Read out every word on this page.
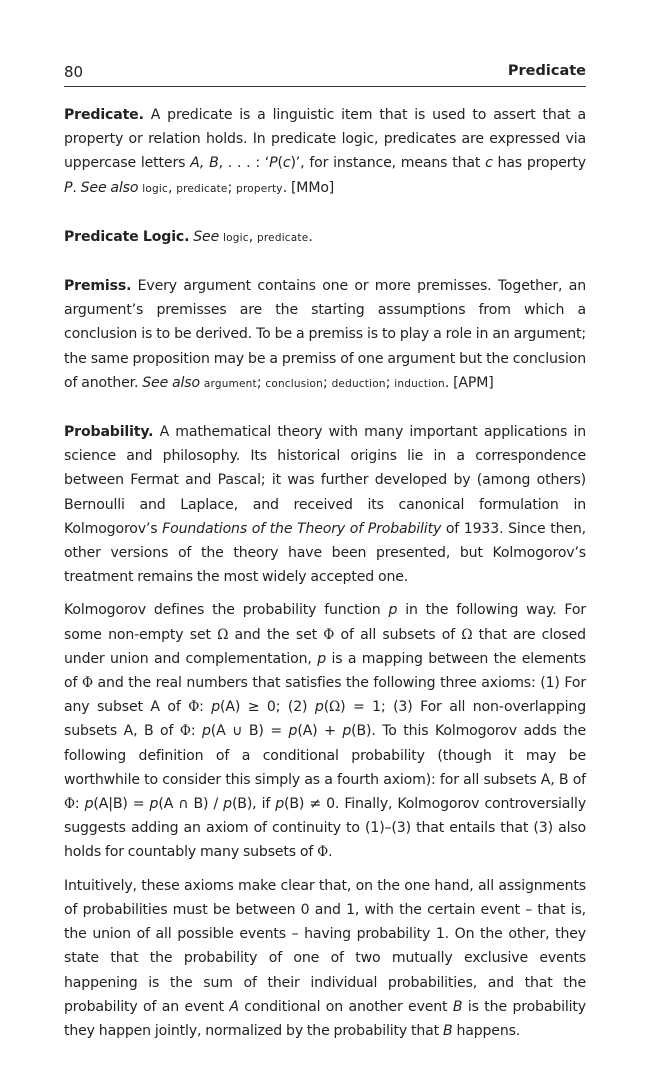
80	Predicate

Predicate. A predicate is a linguistic item that is used to assert that a property or relation holds. In predicate logic, predicates are expressed via uppercase letters A, B, . . . : ‘P(c)’, for instance, means that c has property P. See also logic, predicate; property. [MMo]

Predicate Logic. See logic, predicate.

Premiss. Every argument contains one or more premisses. Together, an argument’s premisses are the starting assumptions from which a conclusion is to be derived. To be a premiss is to play a role in an argument; the same proposition may be a premiss of one argument but the conclusion of another. See also argument; conclusion; deduction; induction. [APM]

Probability. A mathematical theory with many important applications in science and philosophy. Its historical origins lie in a correspondence between Fermat and Pascal; it was further developed by (among others) Bernoulli and Laplace, and received its canonical formulation in Kolmogorov’s Foundations of the Theory of Probability of 1933. Since then, other versions of the theory have been presented, but Kolmogorov’s treatment remains the most widely accepted one.

Kolmogorov defines the probability function p in the following way. For some non-empty set Ω and the set Φ of all subsets of Ω that are closed under union and complementation, p is a mapping between the elements of Φ and the real numbers that satisfies the following three axioms: (1) For any subset A of Φ: p(A) ≥ 0; (2) p(Ω) = 1; (3) For all non-overlapping subsets A, B of Φ: p(A ∪ B) = p(A) + p(B). To this Kolmogorov adds the following definition of a conditional probability (though it may be worthwhile to consider this simply as a fourth axiom): for all subsets A, B of Φ: p(A|B) = p(A ∩ B) / p(B), if p(B) ≠ 0. Finally, Kolmogorov controversially suggests adding an axiom of continuity to (1)–(3) that entails that (3) also holds for countably many subsets of Φ.

Intuitively, these axioms make clear that, on the one hand, all assignments of probabilities must be between 0 and 1, with the certain event – that is, the union of all possible events – having probability 1. On the other, they state that the probability of one of two mutually exclusive events happening is the sum of their individual probabilities, and that the probability of an event A conditional on another event B is the probability they happen jointly, normalized by the probability that B happens.
